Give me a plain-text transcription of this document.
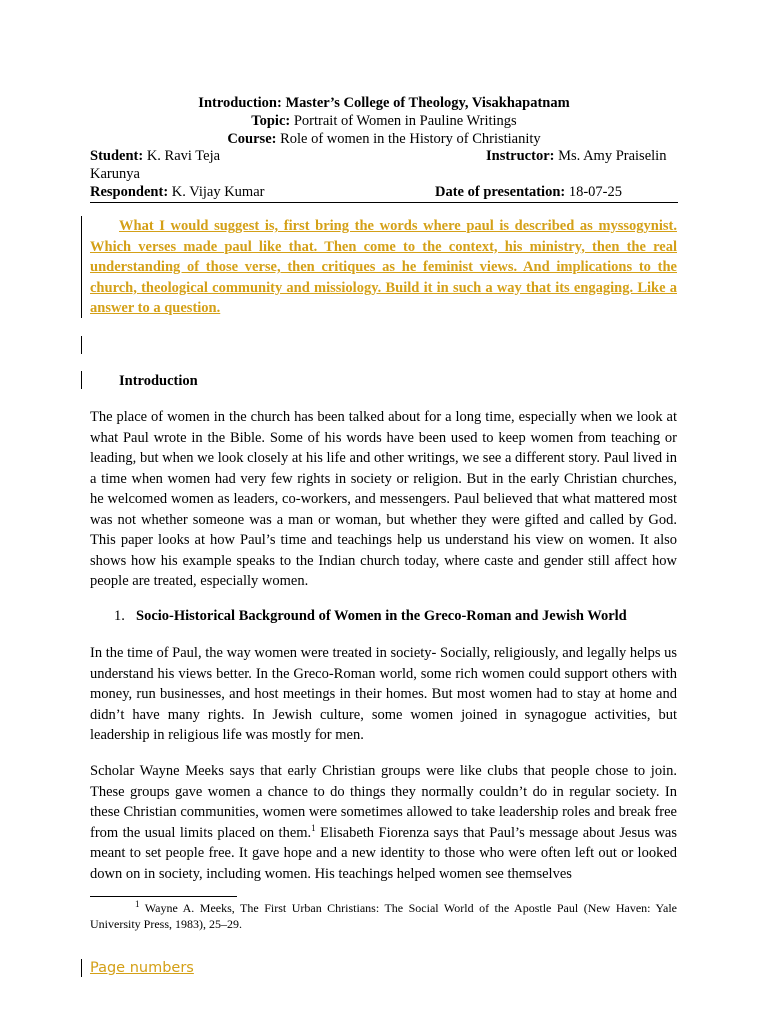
Introduction: Master’s College of Theology, Visakhapatnam
Topic: Portrait of Women in Pauline Writings
Course: Role of women in the History of Christianity
Student: K. Ravi Teja	Instructor: Ms. Amy Praiselin
Karunya
Respondent: K. Vijay Kumar	Date of presentation: 18-07-25
What I would suggest is, first bring the words where paul is described as myssogynist. Which verses made paul like that. Then come to the context, his ministry, then the real understanding of those verse, then critiques as he feminist views. And implications to the church, theological community and missiology. Build it in such a way that its engaging. Like a answer to a question.
Introduction
The place of women in the church has been talked about for a long time, especially when we look at what Paul wrote in the Bible. Some of his words have been used to keep women from teaching or leading, but when we look closely at his life and other writings, we see a different story. Paul lived in a time when women had very few rights in society or religion. But in the early Christian churches, he welcomed women as leaders, co-workers, and messengers. Paul believed that what mattered most was not whether someone was a man or woman, but whether they were gifted and called by God. This paper looks at how Paul’s time and teachings help us understand his view on women. It also shows how his example speaks to the Indian church today, where caste and gender still affect how people are treated, especially women.
1. Socio-Historical Background of Women in the Greco-Roman and Jewish World
In the time of Paul, the way women were treated in society- Socially, religiously, and legally helps us understand his views better. In the Greco-Roman world, some rich women could support others with money, run businesses, and host meetings in their homes. But most women had to stay at home and didn’t have many rights. In Jewish culture, some women joined in synagogue activities, but leadership in religious life was mostly for men.
Scholar Wayne Meeks says that early Christian groups were like clubs that people chose to join. These groups gave women a chance to do things they normally couldn’t do in regular society. In these Christian communities, women were sometimes allowed to take leadership roles and break free from the usual limits placed on them.$^1$ Elisabeth Fiorenza says that Paul’s message about Jesus was meant to set people free. It gave hope and a new identity to those who were often left out or looked down on in society, including women. His teachings helped women see themselves
$^1$ Wayne A. Meeks, The First Urban Christians: The Social World of the Apostle Paul (New Haven: Yale University Press, 1983), 25–29.
Page numbers
